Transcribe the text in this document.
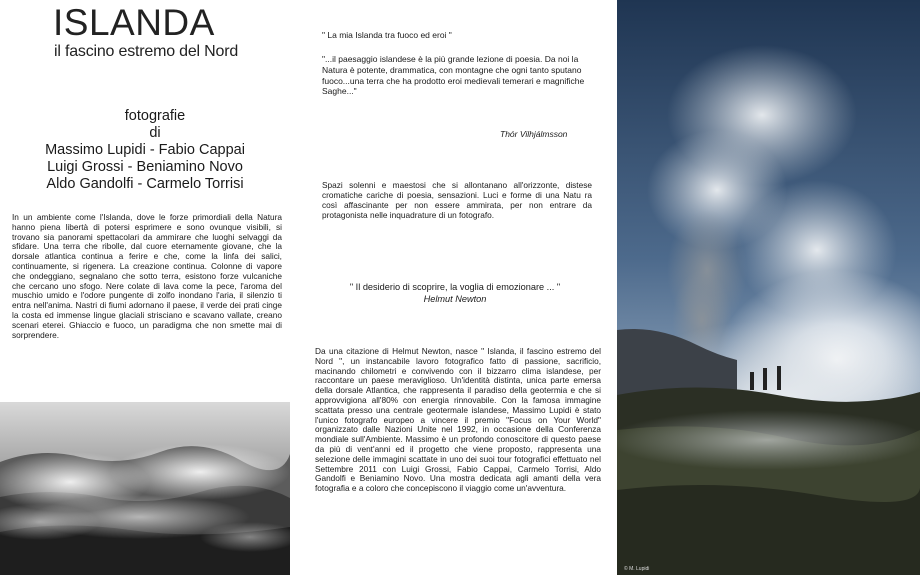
ISLANDA
il fascino estremo del Nord
fotografie
di
Massimo Lupidi - Fabio Cappai
Luigi Grossi - Beniamino Novo
Aldo Gandolfi - Carmelo Torrisi

In un ambiente come l'Islanda, dove le forze primordiali della Natura hanno piena libertà di potersi esprimere e sono ovunque visibili, si trovano sia panorami spettacolari da ammirare che luoghi selvaggi da sfidare. Una terra che ribolle, dal cuore eternamente giovane, che la dorsale atlantica continua a ferire e che, come la linfa dei salici, continuamente, si rigenera. La creazione continua. Colonne di vapore che ondeggiano, segnalano che sotto terra, esistono forze vulcaniche che cercano uno sfogo. Nere colate di lava come la pece, l'aroma del muschio umido e l'odore pungente di zolfo inondano l'aria, il silenzio ti entra nell'anima. Nastri di fiumi adornano il paese, il verde dei prati cinge la costa ed immense lingue glaciali strisciano e scavano vallate, creano scenari eterei. Ghiaccio e fuoco, un paradigma che non smette mai di sorprendere.

" La mia Islanda tra fuoco ed eroi "

"...il paesaggio islandese è la più grande lezione di poesia. Da noi la Natura è potente, drammatica, con montagne che ogni tanto sputano fuoco...una terra che ha prodotto eroi medievali temerari e magnifiche Saghe..."

Thór Vilhjálmsson

Spazi solenni e maestosi che si allontanano all'orizzonte, distese cromatiche cariche di poesia, sensazioni. Luci e forme di una Natu ra così affascinante per non essere ammirata, per non entrare da protagonista nelle inquadrature di un fotografo.

" Il desiderio di scoprire, la voglia di emozionare ... "

Helmut Newton

Da una citazione di Helmut Newton, nasce " Islanda, il fascino estremo del Nord ", un instancabile lavoro fotografico fatto di passione, sacrificio, macinando chilometri e convivendo con il bizzarro clima islandese, per raccontare un paese meraviglioso. Un'identità distinta, unica parte emersa della dorsale Atlantica, che rappresenta il paradiso della geotermia e che si approvvigiona all'80% con energia rinnovabile. Con la famosa immagine scattata presso una centrale geotermale islandese, Massimo Lupidi è stato l'unico fotografo europeo a vincere il premio "Focus on Your World" organizzato dalle Nazioni Unite nel 1992, in occasione della Conferenza mondiale sull'Ambiente. Massimo è un profondo conoscitore di questo paese da più di vent'anni ed il progetto che viene proposto, rappresenta una selezione delle immagini scattate in uno dei suoi tour fotografici effettuato nel Settembre 2011 con Luigi Grossi, Fabio Cappai, Carmelo Torrisi, Aldo Gandolfi e Beniamino Novo. Una mostra dedicata agli amanti della vera fotografia e a coloro che concepiscono il viaggio come un'avventura.

© M. Lupidi
